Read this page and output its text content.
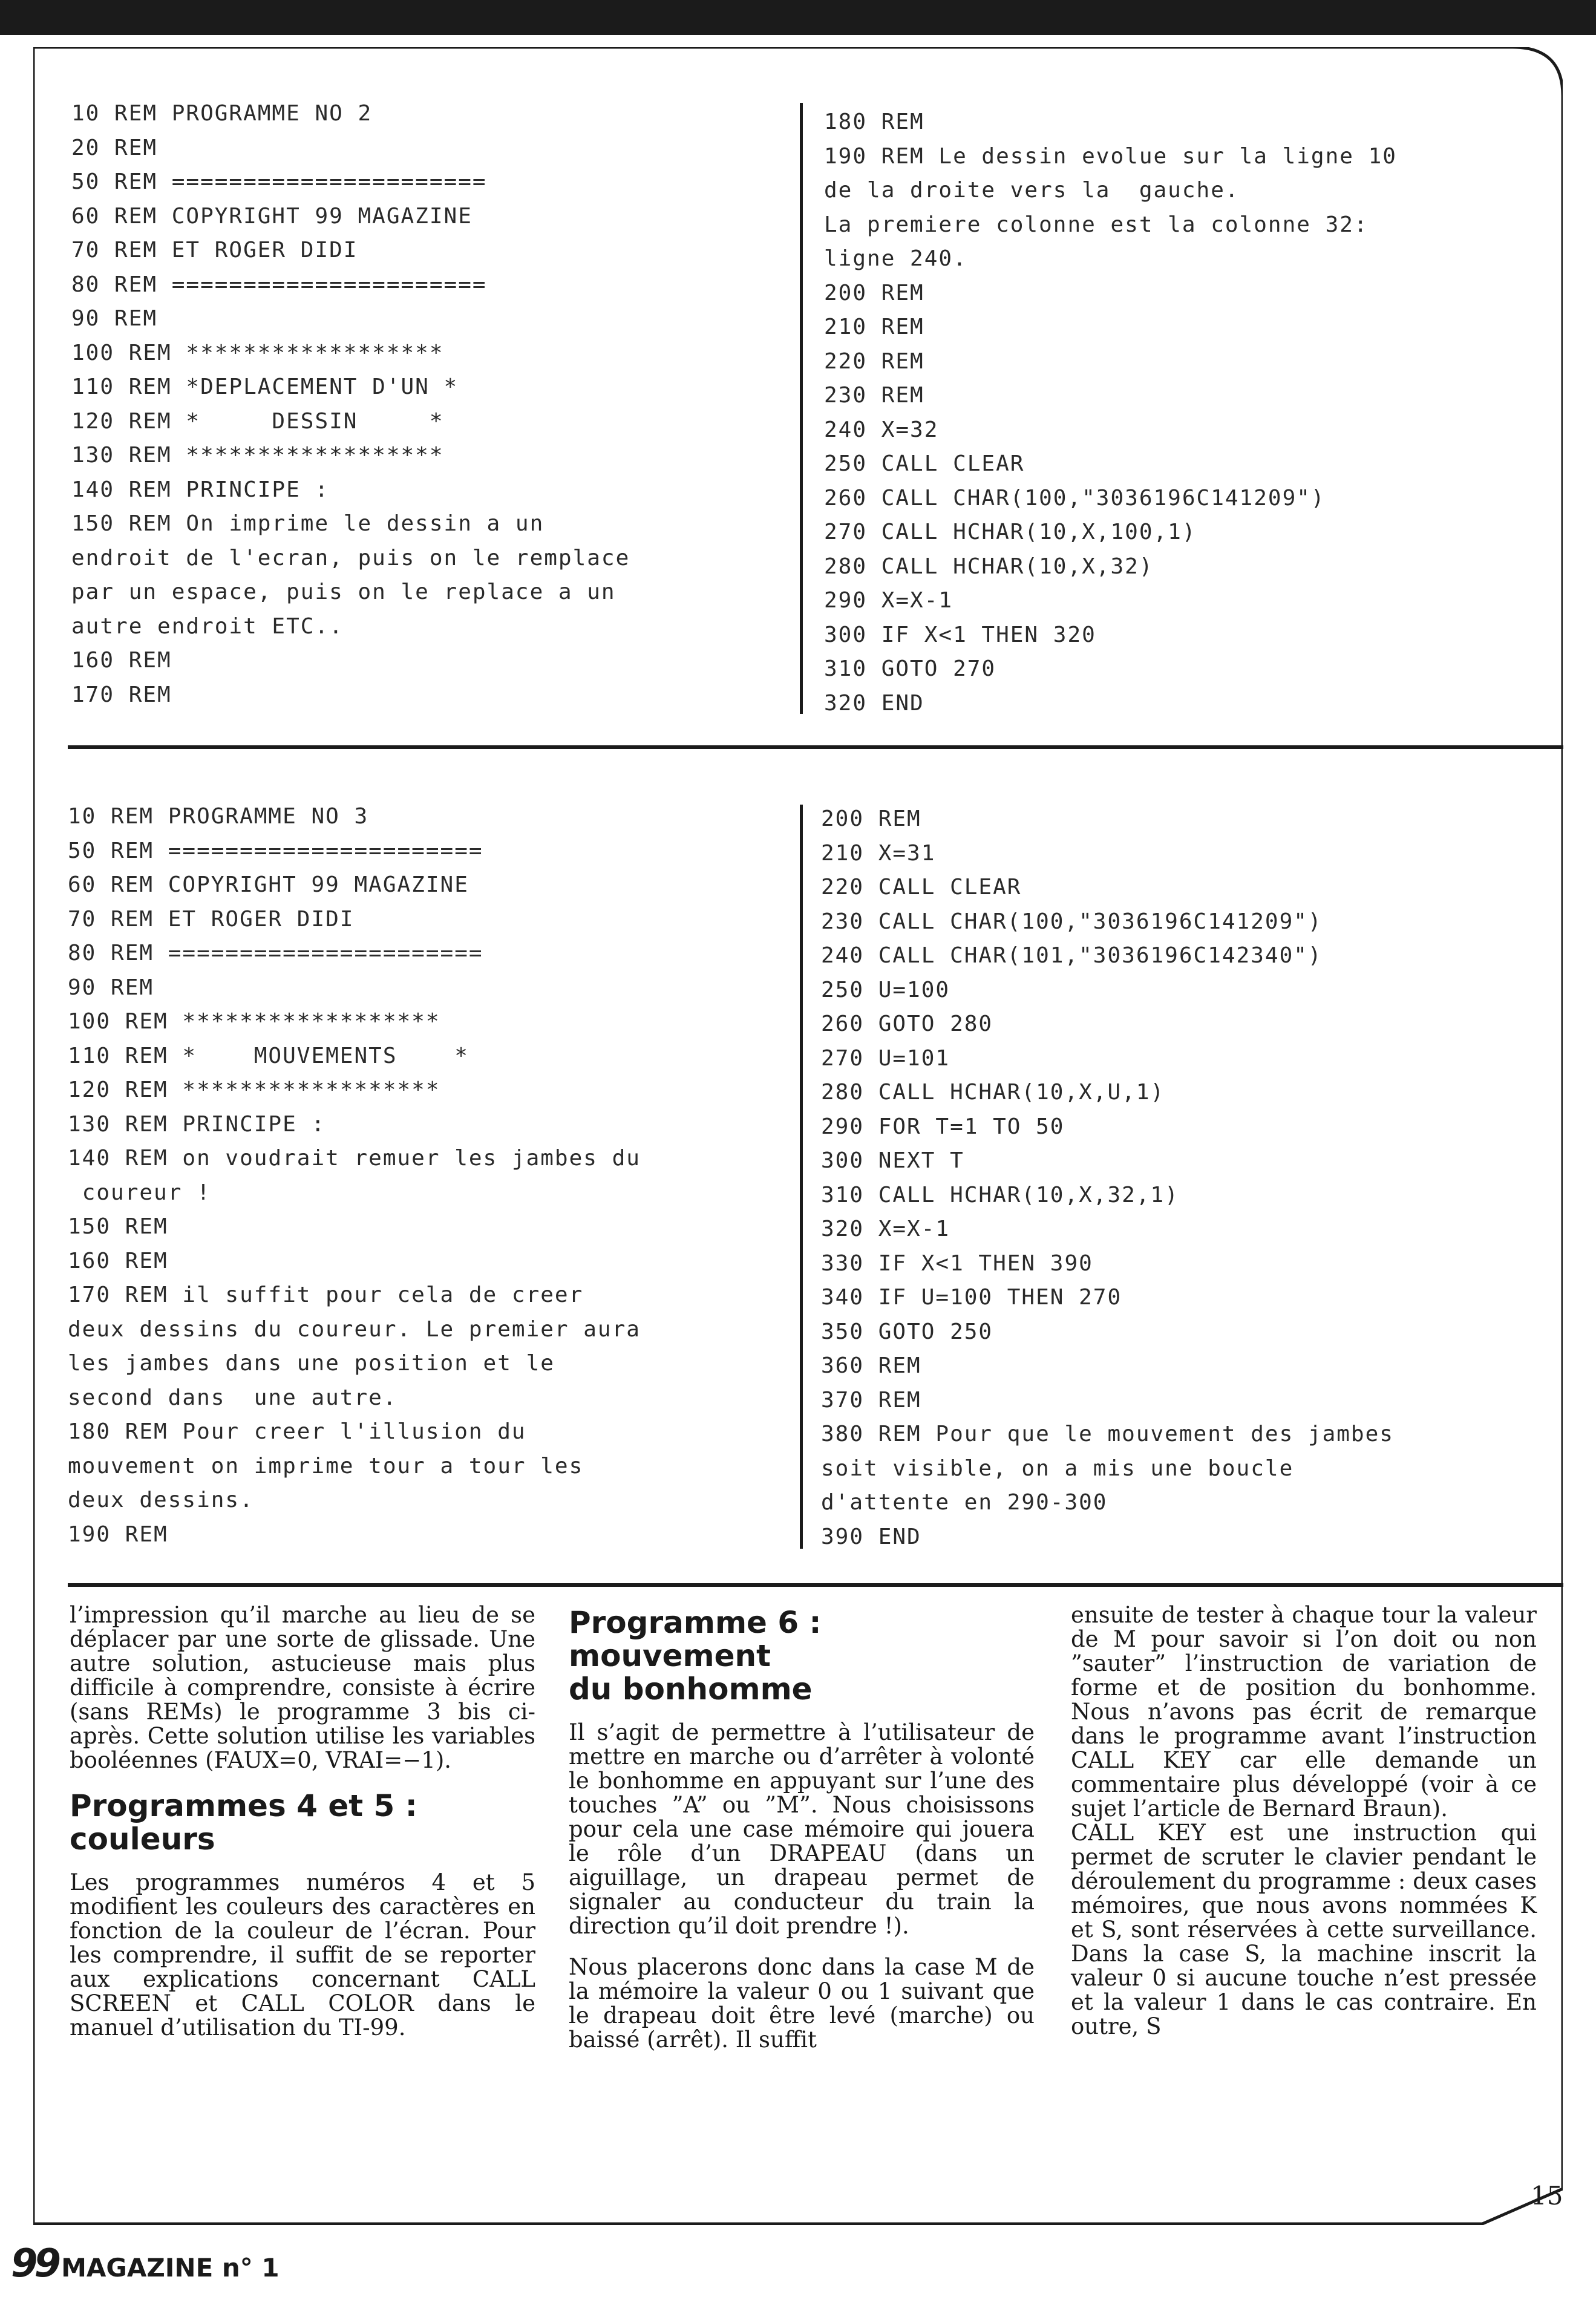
10 REM PROGRAMME NO 2
20 REM
50 REM ======================
60 REM COPYRIGHT 99 MAGAZINE
70 REM ET ROGER DIDI
80 REM ======================
90 REM
100 REM ******************
110 REM *DEPLACEMENT D'UN *
120 REM *     DESSIN     *
130 REM ******************
140 REM PRINCIPE :
150 REM On imprime le dessin a un
endroit de l'ecran, puis on le remplace
par un espace, puis on le replace a un
autre endroit ETC..
160 REM
170 REM
180 REM
190 REM Le dessin evolue sur la ligne 10
de la droite vers la  gauche.
La premiere colonne est la colonne 32:
ligne 240.
200 REM
210 REM
220 REM
230 REM
240 X=32
250 CALL CLEAR
260 CALL CHAR(100,"3036196C141209")
270 CALL HCHAR(10,X,100,1)
280 CALL HCHAR(10,X,32)
290 X=X-1
300 IF X<1 THEN 320
310 GOTO 270
320 END
10 REM PROGRAMME NO 3
50 REM ======================
60 REM COPYRIGHT 99 MAGAZINE
70 REM ET ROGER DIDI
80 REM ======================
90 REM
100 REM ******************
110 REM *    MOUVEMENTS    *
120 REM ******************
130 REM PRINCIPE :
140 REM on voudrait remuer les jambes du
coureur !
150 REM
160 REM
170 REM il suffit pour cela de creer
deux dessins du coureur. Le premier aura
les jambes dans une position et le
second dans  une autre.
180 REM Pour creer l'illusion du
mouvement on imprime tour a tour les
deux dessins.
190 REM
200 REM
210 X=31
220 CALL CLEAR
230 CALL CHAR(100,"3036196C141209")
240 CALL CHAR(101,"3036196C142340")
250 U=100
260 GOTO 280
270 U=101
280 CALL HCHAR(10,X,U,1)
290 FOR T=1 TO 50
300 NEXT T
310 CALL HCHAR(10,X,32,1)
320 X=X-1
330 IF X<1 THEN 390
340 IF U=100 THEN 270
350 GOTO 250
360 REM
370 REM
380 REM Pour que le mouvement des jambes
soit visible, on a mis une boucle
d'attente en 290-300
390 END

l’impression qu’il marche au lieu de se déplacer par une sorte de glissade. Une autre solution, astucieuse mais plus difficile à comprendre, consiste à écrire (sans REMs) le programme 3 bis ci-après. Cette solution utilise les variables booléennes (FAUX=0, VRAI=−1).

Programmes 4 et 5 :
couleurs

Les programmes numéros 4 et 5 modifient les couleurs des caractères en fonction de la couleur de l’écran. Pour les comprendre, il suffit de se reporter aux explications concernant CALL SCREEN et CALL COLOR dans le manuel d’utilisation du TI-99.

Programme 6 :
mouvement
du bonhomme

Il s’agit de permettre à l’utilisateur de mettre en marche ou d’arrêter à volonté le bonhomme en appuyant sur l’une des touches ”A” ou ”M”. Nous choisissons pour cela une case mémoire qui jouera le rôle d’un DRAPEAU (dans un aiguillage, un drapeau permet de signaler au conducteur du train la direction qu’il doit prendre !).

Nous placerons donc dans la case M de la mémoire la valeur 0 ou 1 suivant que le drapeau doit être levé (marche) ou baissé (arrêt). Il suffit

ensuite de tester à chaque tour la valeur de M pour savoir si l’on doit ou non ”sauter” l’instruction de variation de forme et de position du bonhomme. Nous n’avons pas écrit de remarque dans le programme avant l’instruction CALL KEY car elle demande un commentaire plus développé (voir à ce sujet l’article de Bernard Braun).

CALL KEY est une instruction qui permet de scruter le clavier pendant le déroulement du programme : deux cases mémoires, que nous avons nommées K et S, sont réservées à cette surveillance. Dans la case S, la machine inscrit la valeur 0 si aucune touche n’est pressée et la valeur 1 dans le cas contraire. En outre, S

99 MAGAZINE n° 1
15
